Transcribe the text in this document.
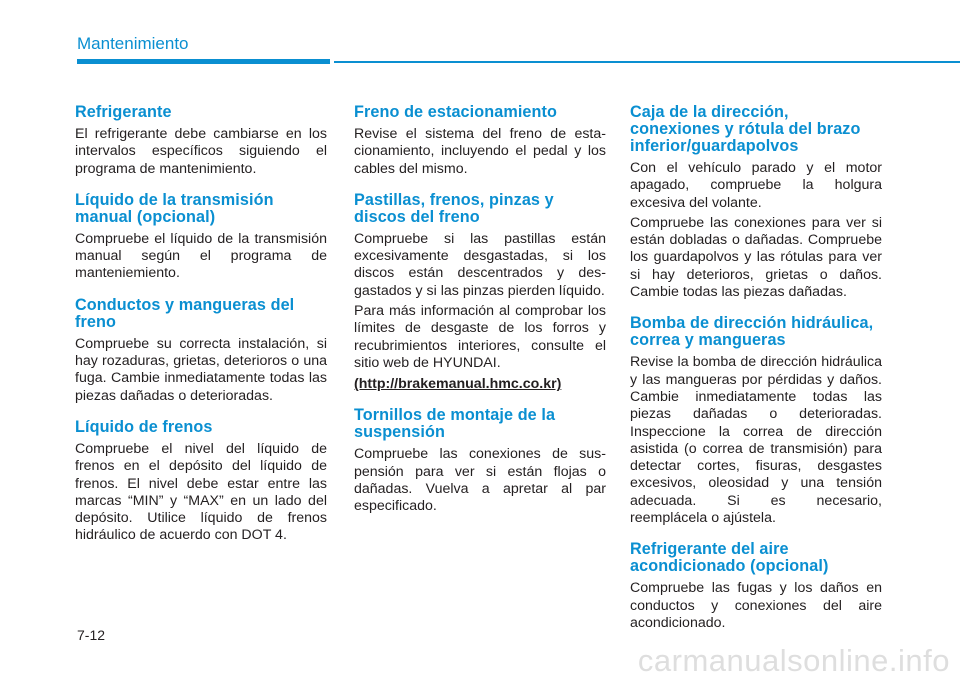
Mantenimiento
Refrigerante

El refrigerante debe cambiarse en los intervalos específicos siguiendo el programa de mantenimiento.

Líquido de la transmisión manual (opcional)

Compruebe el líquido de la transmisión manual según el programa de manteniemiento.

Conductos y mangueras del freno

Compruebe su correcta instalación, si hay rozaduras, grietas, deterioros o una fuga. Cambie inmediatamente todas las piezas dañadas o deterioradas.

Líquido de frenos

Compruebe el nivel del líquido de frenos en el depósito del líquido de frenos. El nivel debe estar entre las marcas “MIN” y “MAX” en un lado del depósito. Utilice líquido de frenos hidráulico de acuerdo con DOT 4.

Freno de estacionamiento

Revise el sistema del freno de estacionamiento, incluyendo el pedal y los cables del mismo.

Pastillas, frenos, pinzas y discos del freno

Compruebe si las pastillas están excesivamente desgastadas, si los discos están descentrados y desgastados y si las pinzas pierden líquido.

Para más información al comprobar los límites de desgaste de los forros y recubrimientos interiores, consulte el sitio web de HYUNDAI.

(http://brakemanual.hmc.co.kr)
Tornillos de montaje de la suspensión

Compruebe las conexiones de suspensión para ver si están flojas o dañadas. Vuelva a apretar al par especificado.

Caja de la dirección, conexiones y rótula del brazo inferior/guardapolvos

Con el vehículo parado y el motor apagado, compruebe la holgura excesiva del volante.

Compruebe las conexiones para ver si están dobladas o dañadas. Compruebe los guardapolvos y las rótulas para ver si hay deterioros, grietas o daños. Cambie todas las piezas dañadas.

Bomba de dirección hidráulica, correa y mangueras

Revise la bomba de dirección hidráulica y las mangueras por pérdidas y daños. Cambie inmediatamente todas las piezas dañadas o deterioradas. Inspeccione la correa de dirección asistida (o correa de transmisión) para detectar cortes, fisuras, desgastes excesivos, oleosidad y una tensión adecuada. Si es necesario, reemplácela o ajústela.

Refrigerante del aire acondicionado (opcional)

Compruebe las fugas y los daños en conductos y conexiones del aire acondicionado.

7-12
carmanualsonline.info
